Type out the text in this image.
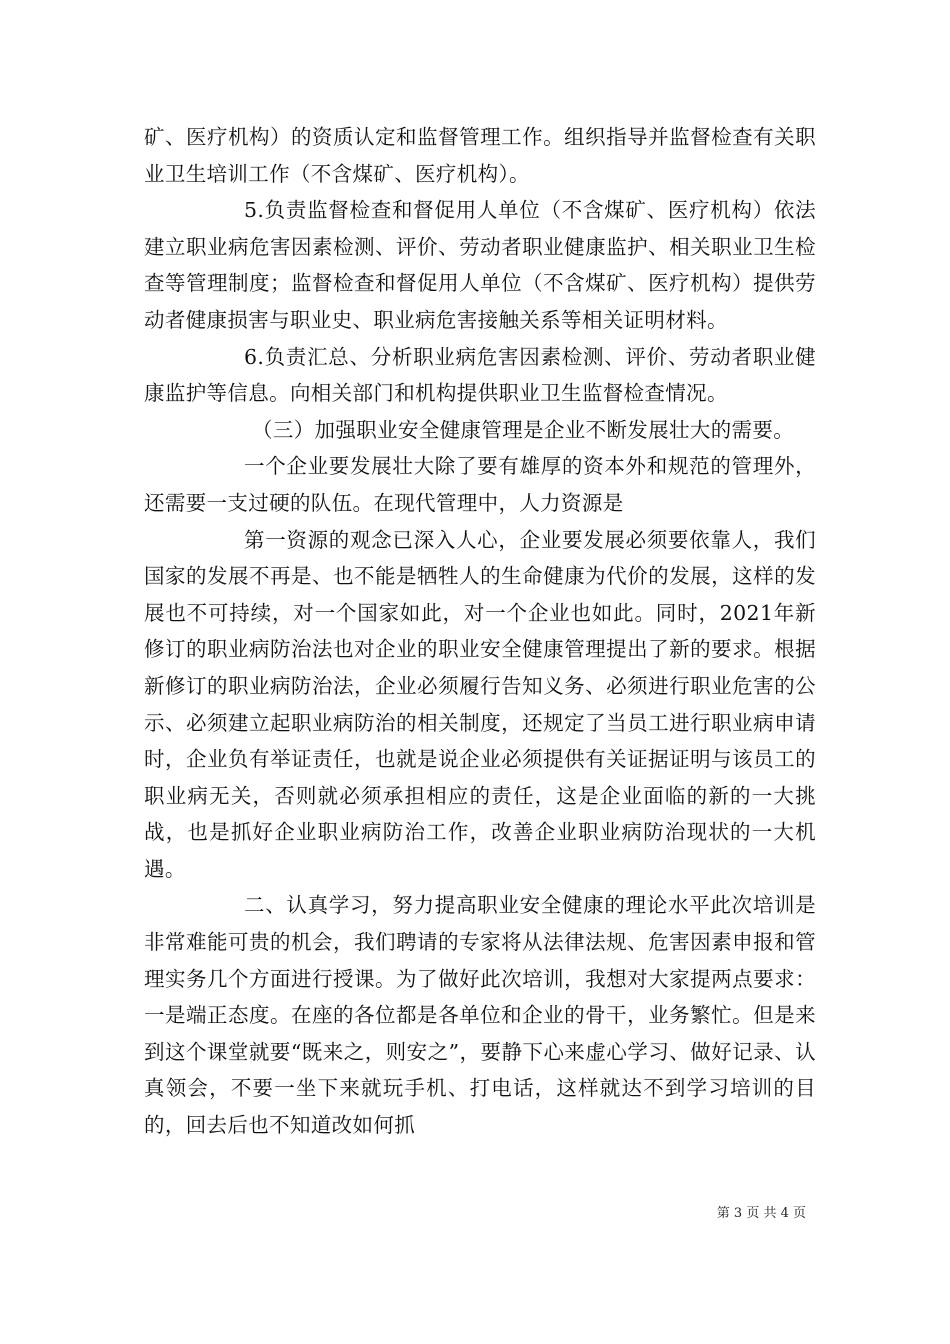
矿、医疗机构）的资质认定和监督管理工作。组织指导并监督检查有关职业卫生培训工作（不含煤矿、医疗机构）。

5.负责监督检查和督促用人单位（不含煤矿、医疗机构）依法建立职业病危害因素检测、评价、劳动者职业健康监护、相关职业卫生检查等管理制度；监督检查和督促用人单位（不含煤矿、医疗机构）提供劳动者健康损害与职业史、职业病危害接触关系等相关证明材料。

6.负责汇总、分析职业病危害因素检测、评价、劳动者职业健康监护等信息。向相关部门和机构提供职业卫生监督检查情况。

（三）加强职业安全健康管理是企业不断发展壮大的需要。

一个企业要发展壮大除了要有雄厚的资本外和规范的管理外，还需要一支过硬的队伍。在现代管理中，人力资源是

第一资源的观念已深入人心，企业要发展必须要依靠人，我们国家的发展不再是、也不能是牺牲人的生命健康为代价的发展，这样的发展也不可持续，对一个国家如此，对一个企业也如此。同时，2021年新修订的职业病防治法也对企业的职业安全健康管理提出了新的要求。根据新修订的职业病防治法，企业必须履行告知义务、必须进行职业危害的公示、必须建立起职业病防治的相关制度，还规定了当员工进行职业病申请时，企业负有举证责任，也就是说企业必须提供有关证据证明与该员工的职业病无关，否则就必须承担相应的责任，这是企业面临的新的一大挑战，也是抓好企业职业病防治工作，改善企业职业病防治现状的一大机遇。

二、认真学习，努力提高职业安全健康的理论水平此次培训是非常难能可贵的机会，我们聘请的专家将从法律法规、危害因素申报和管理实务几个方面进行授课。为了做好此次培训，我想对大家提两点要求：一是端正态度。在座的各位都是各单位和企业的骨干，业务繁忙。但是来到这个课堂就要“既来之，则安之”，要静下心来虚心学习、做好记录、认真领会，不要一坐下来就玩手机、打电话，这样就达不到学习培训的目的，回去后也不知道改如何抓

第 3 页 共 4 页
